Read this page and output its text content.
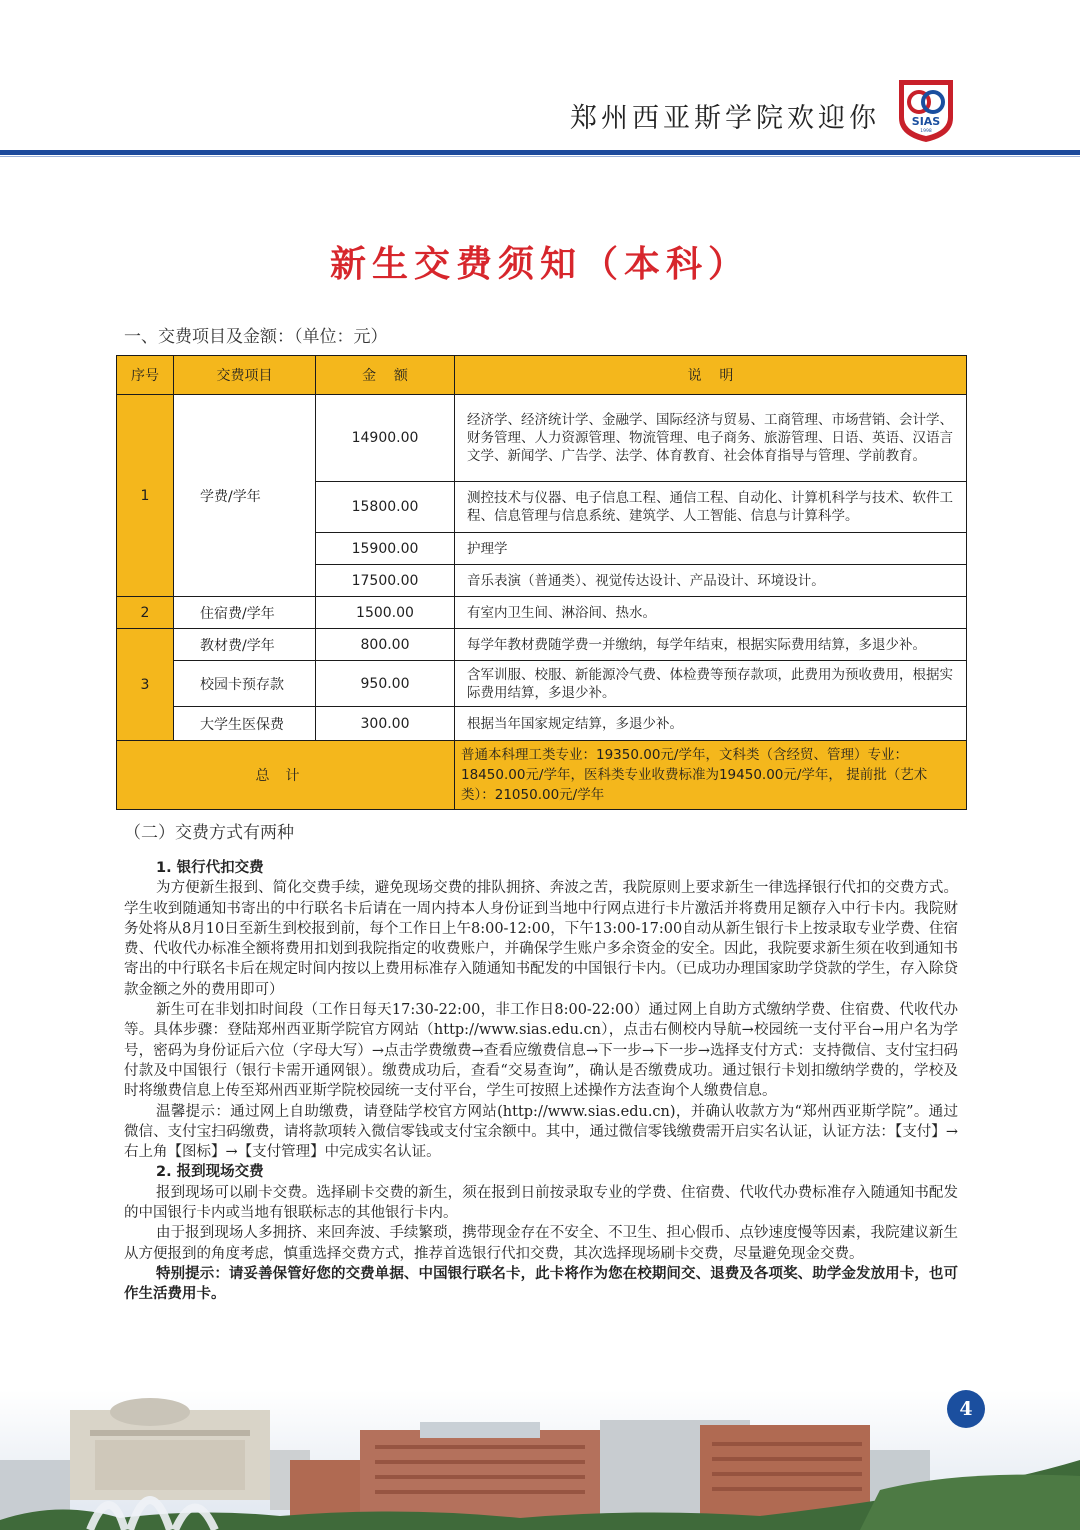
郑州西亚斯学院欢迎你	SIAS
1998
新生交费须知（本科）
一、交费项目及金额：（单位：元）
序号	交费项目	金    额	说    明
1	学费/学年	14900.00	经济学、经济统计学、金融学、国际经济与贸易、工商管理、市场营销、会计学、财务管理、人力资源管理、物流管理、电子商务、旅游管理、日语、英语、汉语言文学、新闻学、广告学、法学、体育教育、社会体育指导与管理、学前教育。
		15800.00	测控技术与仪器、电子信息工程、通信工程、自动化、计算机科学与技术、软件工程、信息管理与信息系统、建筑学、人工智能、信息与计算科学。
		15900.00	护理学
		17500.00	音乐表演（普通类）、视觉传达设计、产品设计、环境设计。
2	住宿费/学年	1500.00	有室内卫生间、淋浴间、热水。
3	教材费/学年	800.00	每学年教材费随学费一并缴纳，每学年结束，根据实际费用结算，多退少补。
	校园卡预存款	950.00	含军训服、校服、新能源冷气费、体检费等预存款项，此费用为预收费用，根据实际费用结算，多退少补。
	大学生医保费	300.00	根据当年国家规定结算，多退少补。
总计			普通本科理工类专业：19350.00元/学年，文科类（含经贸、管理）专业：18450.00元/学年，医科类专业收费标准为19450.00元/学年， 提前批（艺术类）：21050.00元/学年
（二）交费方式有两种
1. 银行代扣交费

为方便新生报到、简化交费手续，避免现场交费的排队拥挤、奔波之苦，我院原则上要求新生一律选择银行代扣的交费方式。学生收到随通知书寄出的中行联名卡后请在一周内持本人身份证到当地中行网点进行卡片激活并将费用足额存入中行卡内。我院财务处将从8月10日至新生到校报到前，每个工作日上午8:00-12:00，下午13:00-17:00自动从新生银行卡上按录取专业学费、住宿费、代收代办标准全额将费用扣划到我院指定的收费账户，并确保学生账户多余资金的安全。因此，我院要求新生须在收到通知书寄出的中行联名卡后在规定时间内按以上费用标准存入随通知书配发的中国银行卡内。（已成功办理国家助学贷款的学生，存入除贷款金额之外的费用即可）

新生可在非划扣时间段（工作日每天17:30-22:00，非工作日8:00-22:00）通过网上自助方式缴纳学费、住宿费、代收代办等。具体步骤：登陆郑州西亚斯学院官方网站（http://www.sias.edu.cn），点击右侧校内导航→校园统一支付平台→用户名为学号，密码为身份证后六位（字母大写）→点击学费缴费→查看应缴费信息→下一步→下一步→选择支付方式：支持微信、支付宝扫码付款及中国银行（银行卡需开通网银）。缴费成功后，查看“交易查询”，确认是否缴费成功。通过银行卡划扣缴纳学费的，学校及时将缴费信息上传至郑州西亚斯学院校园统一支付平台，学生可按照上述操作方法查询个人缴费信息。

温馨提示：通过网上自助缴费，请登陆学校官方网站(http://www.sias.edu.cn)，并确认收款方为“郑州西亚斯学院”。通过微信、支付宝扫码缴费，请将款项转入微信零钱或支付宝余额中。其中，通过微信零钱缴费需开启实名认证，认证方法：【支付】→右上角【图标】→【支付管理】中完成实名认证。

2. 报到现场交费

报到现场可以刷卡交费。选择刷卡交费的新生，须在报到日前按录取专业的学费、住宿费、代收代办费标准存入随通知书配发的中国银行卡内或当地有银联标志的其他银行卡内。

由于报到现场人多拥挤、来回奔波、手续繁琐，携带现金存在不安全、不卫生、担心假币、点钞速度慢等因素，我院建议新生从方便报到的角度考虑，慎重选择交费方式，推荐首选银行代扣交费，其次选择现场刷卡交费，尽量避免现金交费。

特别提示：请妥善保管好您的交费单据、中国银行联名卡，此卡将作为您在校期间交、退费及各项奖、助学金发放用卡，也可作生活费用卡。

4
